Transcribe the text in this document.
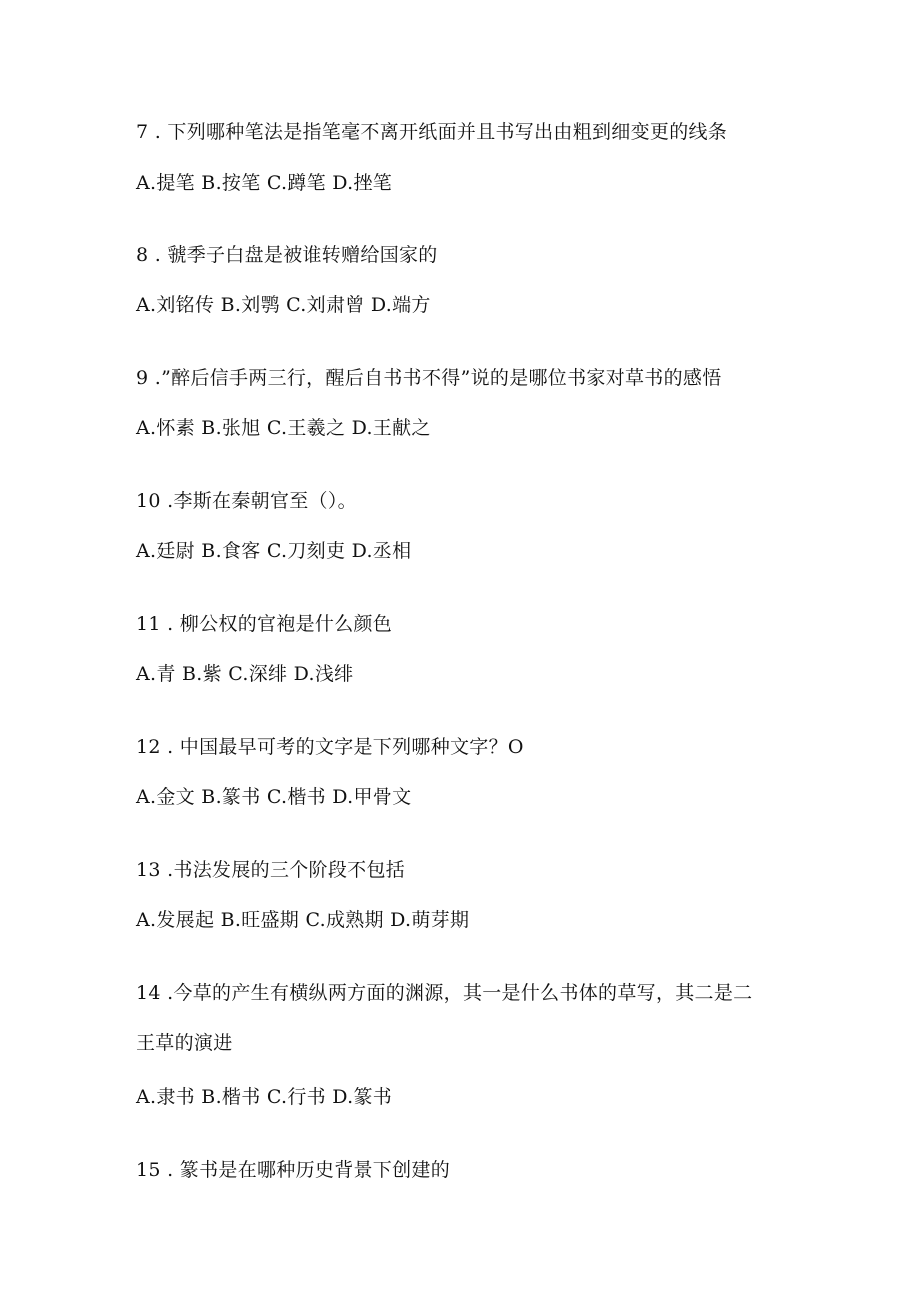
7 . 下列哪种笔法是指笔毫不离开纸面并且书写出由粗到细变更的线条
A.提笔 B.按笔 C.蹲笔 D.挫笔
8 . 虢季子白盘是被谁转赠给国家的
A.刘铭传 B.刘鹗 C.刘肃曾 D.端方
9 .”醉后信手两三行，醒后自书书不得”说的是哪位书家对草书的感悟
A.怀素 B.张旭 C.王羲之 D.王献之
10 .李斯在秦朝官至（）。
A.廷尉 B.食客 C.刀刻吏 D.丞相
11 . 柳公权的官袍是什么颜色
A.青 B.紫 C.深绯 D.浅绯
12 . 中国最早可考的文字是下列哪种文字？O
A.金文 B.篆书 C.楷书 D.甲骨文
13 .书法发展的三个阶段不包括
A.发展起 B.旺盛期 C.成熟期 D.萌芽期
14 .今草的产生有横纵两方面的渊源，其一是什么书体的草写，其二是二
王草的演进
A.隶书 B.楷书 C.行书 D.篆书
15 . 篆书是在哪种历史背景下创建的
